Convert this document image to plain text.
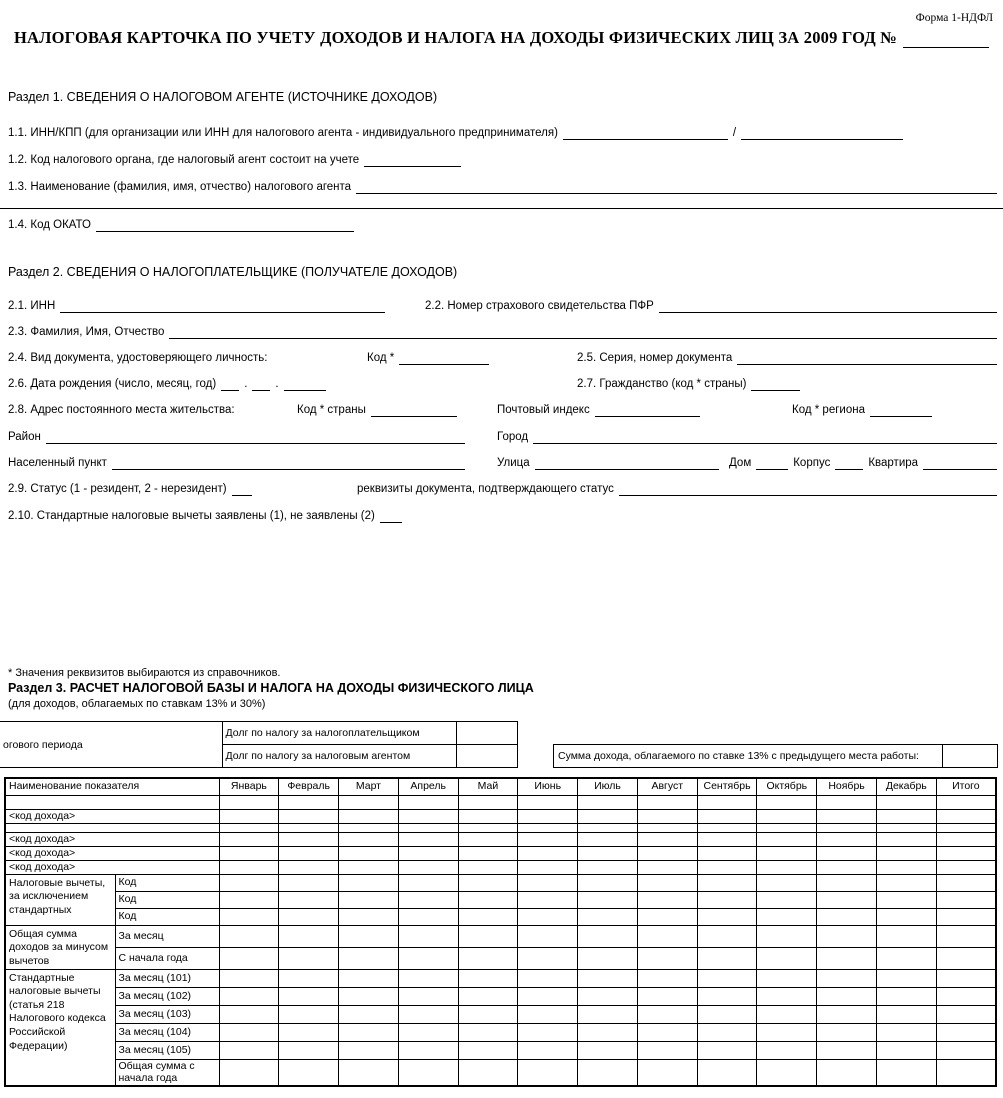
Форма 1-НДФЛ
НАЛОГОВАЯ КАРТОЧКА ПО УЧЕТУ ДОХОДОВ И НАЛОГА НА ДОХОДЫ ФИЗИЧЕСКИХ ЛИЦ ЗА 2009 ГОД №
Раздел 1. СВЕДЕНИЯ О НАЛОГОВОМ АГЕНТЕ (ИСТОЧНИКЕ ДОХОДОВ)
1.1. ИНН/КПП (для организации или ИНН для налогового агента - индивидуального предпринимателя)	/
1.2. Код налогового органа, где налоговый агент состоит на учете
1.3. Наименование (фамилия, имя, отчество) налогового агента
1.4. Код ОКАТО
Раздел 2. СВЕДЕНИЯ О НАЛОГОПЛАТЕЛЬЩИКЕ (ПОЛУЧАТЕЛЕ ДОХОДОВ)
2.1. ИНН	2.2. Номер страхового свидетельства ПФР
2.3. Фамилия, Имя, Отчество
2.4. Вид документа, удостоверяющего личность:	Код *	2.5. Серия, номер документа
2.6. Дата рождения (число, месяц, год) . .	2.7. Гражданство (код * страны)
2.8. Адрес постоянного места жительства:	Код * страны	Почтовый индекс	Код * региона
Район	Город
Населенный пункт	Улица	Дом	Корпус	Квартира
2.9. Статус (1 - резидент, 2 - нерезидент)	реквизиты документа, подтверждающего статус
2.10. Стандартные налоговые вычеты заявлены (1), не заявлены (2)
* Значения реквизитов выбираются из справочников.
Раздел 3. РАСЧЕТ НАЛОГОВОЙ БАЗЫ И НАЛОГА НА ДОХОДЫ ФИЗИЧЕСКОГО ЛИЦА
(для доходов, облагаемых по ставкам 13% и 30%)
огового периода	Долг по налогу за налогоплательщиком	
	Долг по налогу за налоговым агентом		Сумма дохода, облагаемого по ставке 13% с предыдущего места работы:	
Наименование показателя		Январь	Февраль	Март	Апрель	Май	Июнь	Июль	Август	Сентябрь	Октябрь	Ноябрь	Декабрь	Итого

<код дохода>														

<код дохода>														
<код дохода>														
<код дохода>														
Налоговые вычеты, за исключением стандартных	Код													
	Код													
	Код													
Общая сумма доходов за минусом вычетов	За месяц													
	С начала года													
Стандартные налоговые вычеты (статья 218 Налогового кодекса Российской Федерации)	За месяц (101)													
	За месяц (102)													
	За месяц (103)													
	За месяц (104)													
	За месяц (105)													
	Общая сумма с начала года													
